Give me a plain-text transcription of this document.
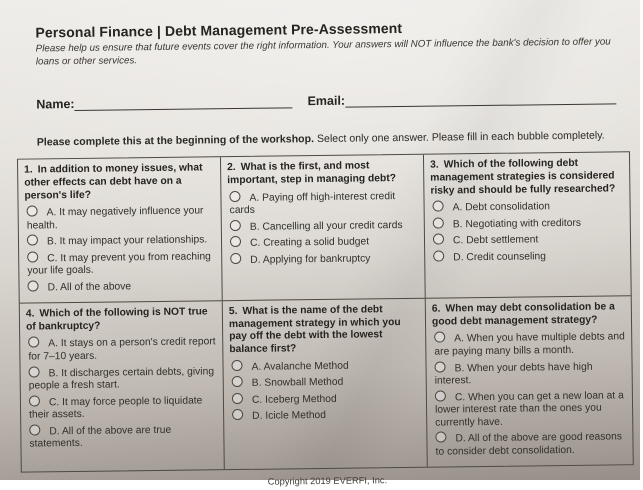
Personal Finance | Debt Management Pre-Assessment
Please help us ensure that future events cover the right information. Your answers will NOT influence the bank's decision to offer you loans or other services.
Name:	Email:
Please complete this at the beginning of the workshop. Select only one answer. Please fill in each bubble completely.
1. In addition to money issues, what other effects can debt have on a person's life?
A. It may negatively influence your health.
B. It may impact your relationships.
C. It may prevent you from reaching your life goals.
D. All of the above
2. What is the first, and most important, step in managing debt?
A. Paying off high-interest credit cards
B. Cancelling all your credit cards
C. Creating a solid budget
D. Applying for bankruptcy
3. Which of the following debt management strategies is considered risky and should be fully researched?
A. Debt consolidation
B. Negotiating with creditors
C. Debt settlement
D. Credit counseling
4. Which of the following is NOT true of bankruptcy?
A. It stays on a person's credit report for 7–10 years.
B. It discharges certain debts, giving people a fresh start.
C. It may force people to liquidate their assets.
D. All of the above are true statements.
5. What is the name of the debt management strategy in which you pay off the debt with the lowest balance first?
A. Avalanche Method
B. Snowball Method
C. Iceberg Method
D. Icicle Method
6. When may debt consolidation be a good debt management strategy?
A. When you have multiple debts and are paying many bills a month.
B. When your debts have high interest.
C. When you can get a new loan at a lower interest rate than the ones you currently have.
D. All of the above are good reasons to consider debt consolidation.
Copyright 2019 EVERFI, Inc.
